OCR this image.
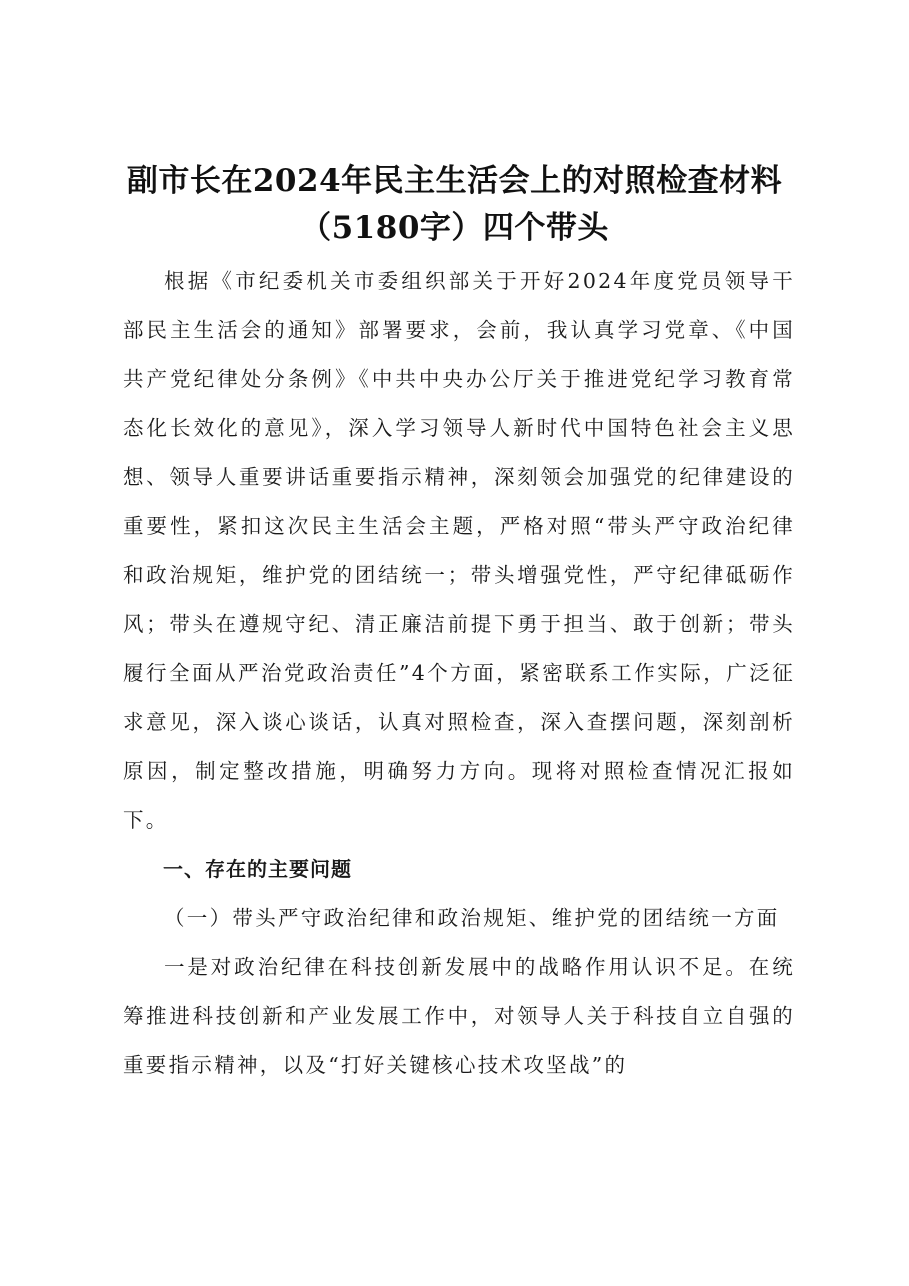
副市长在2024年民主生活会上的对照检查材料（5180字）四个带头

根据《市纪委机关市委组织部关于开好2024年度党员领导干部民主生活会的通知》部署要求，会前，我认真学习党章、《中国共产党纪律处分条例》《中共中央办公厅关于推进党纪学习教育常态化长效化的意见》，深入学习领导人新时代中国特色社会主义思想、领导人重要讲话重要指示精神，深刻领会加强党的纪律建设的重要性，紧扣这次民主生活会主题，严格对照“带头严守政治纪律和政治规矩，维护党的团结统一；带头增强党性，严守纪律砥砺作风；带头在遵规守纪、清正廉洁前提下勇于担当、敢于创新；带头履行全面从严治党政治责任”4个方面，紧密联系工作实际，广泛征求意见，深入谈心谈话，认真对照检查，深入查摆问题，深刻剖析原因，制定整改措施，明确努力方向。现将对照检查情况汇报如下。

一、存在的主要问题

（一）带头严守政治纪律和政治规矩、维护党的团结统一方面

一是对政治纪律在科技创新发展中的战略作用认识不足。在统筹推进科技创新和产业发展工作中，对领导人关于科技自立自强的重要指示精神，以及“打好关键核心技术攻坚战”的
